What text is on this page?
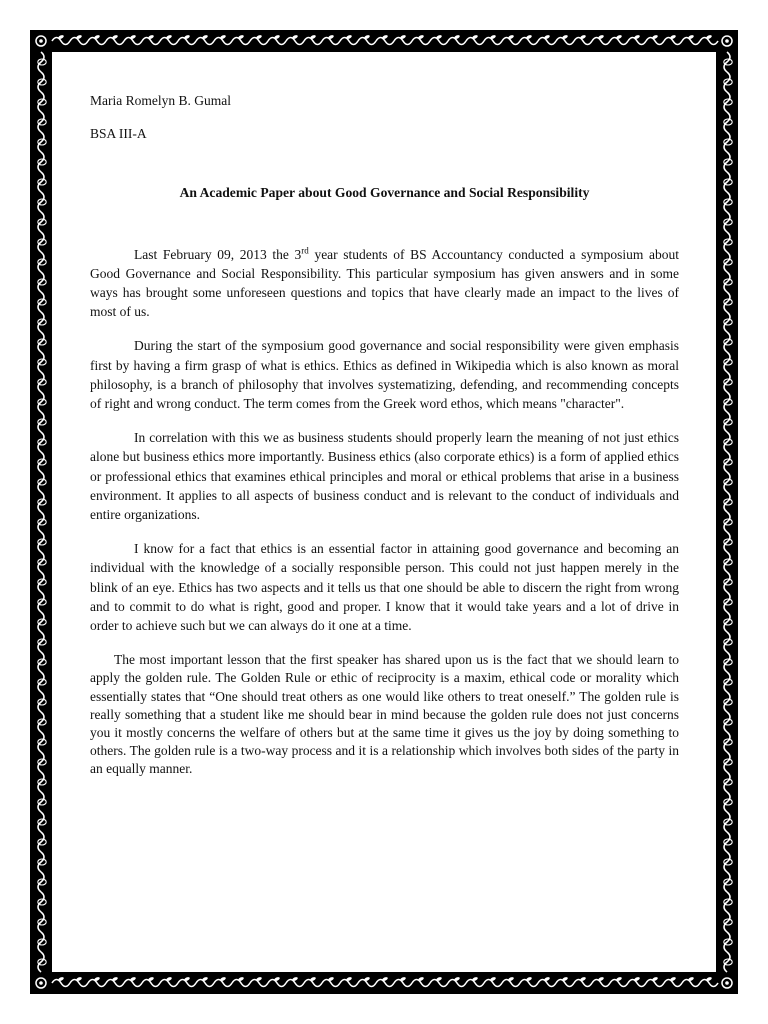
Maria Romelyn B. Gumal

BSA III-A

An Academic Paper about Good Governance and Social Responsibility

Last February 09, 2013 the 3rd year students of BS Accountancy conducted a symposium about Good Governance and Social Responsibility. This particular symposium has given answers and in some ways has brought some unforeseen questions and topics that have clearly made an impact to the lives of most of us.

During the start of the symposium good governance and social responsibility were given emphasis first by having a firm grasp of what is ethics. Ethics as defined in Wikipedia which is also known as moral philosophy, is a branch of philosophy that involves systematizing, defending, and recommending concepts of right and wrong conduct. The term comes from the Greek word ethos, which means "character".

In correlation with this we as business students should properly learn the meaning of not just ethics alone but business ethics more importantly. Business ethics (also corporate ethics) is a form of applied ethics or professional ethics that examines ethical principles and moral or ethical problems that arise in a business environment. It applies to all aspects of business conduct and is relevant to the conduct of individuals and entire organizations.

I know for a fact that ethics is an essential factor in attaining good governance and becoming an individual with the knowledge of a socially responsible person. This could not just happen merely in the blink of an eye. Ethics has two aspects and it tells us that one should be able to discern the right from wrong and to commit to do what is right, good and proper. I know that it would take years and a lot of drive in order to achieve such but we can always do it one at a time.

The most important lesson that the first speaker has shared upon us is the fact that we should learn to apply the golden rule. The Golden Rule or ethic of reciprocity is a maxim, ethical code or morality which essentially states that “One should treat others as one would like others to treat oneself.” The golden rule is really something that a student like me should bear in mind because the golden rule does not just concerns you it mostly concerns the welfare of others but at the same time it gives us the joy by doing something to others. The golden rule is a two-way process and it is a relationship which involves both sides of the party in an equally manner.
